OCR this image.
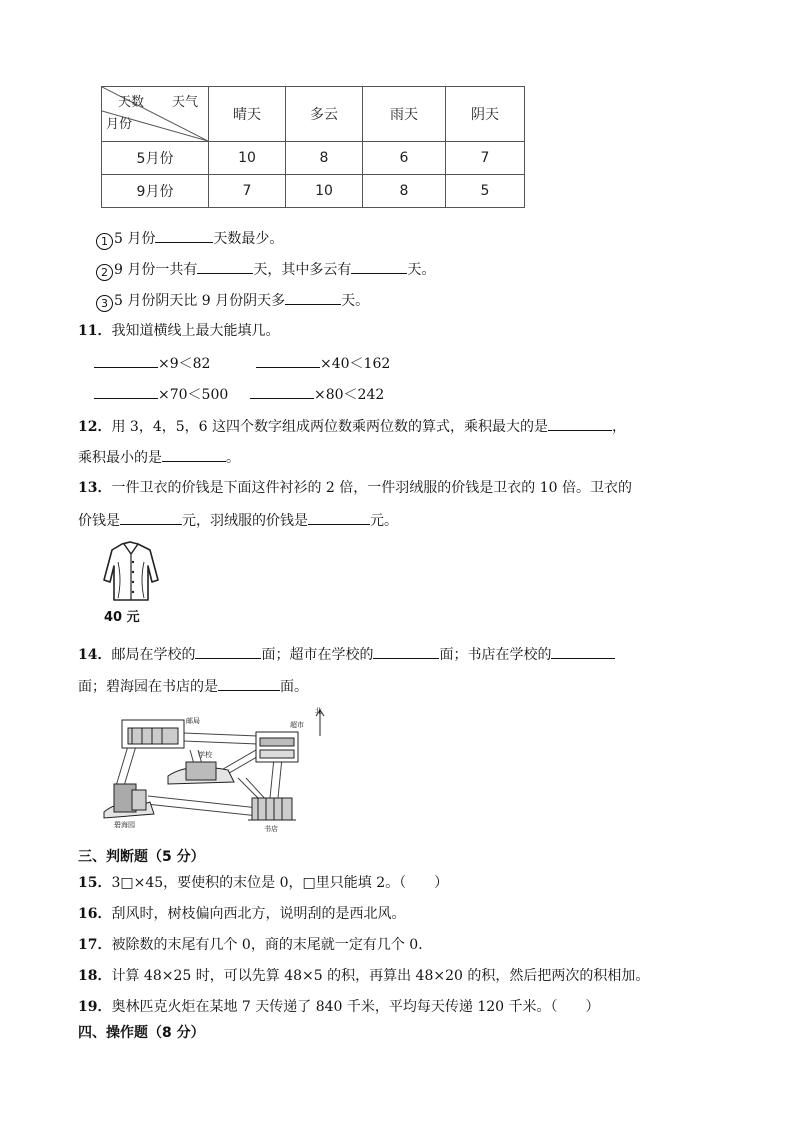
天数 天气
月份	晴天	多云	雨天	阴天
5月份	10	8	6	7
9月份	7	10	8	5
1 5 月份	天数最少。
2 9 月份一共有	天，其中多云有	天。
3 5 月份阴天比 9 月份阴天多	天。
11．我知道横线上最大能填几。
×9＜82	×40＜162
×70＜500	×80＜242
12．用 3，4，5，6 这四个数字组成两位数乘两位数的算式，乘积最大的是	，
乘积最小的是	。
13．一件卫衣的价钱是下面这件衬衫的 2 倍，一件羽绒服的价钱是卫衣的 10 倍。卫衣的
价钱是	元，羽绒服的价钱是	元。
40 元
14．邮局在学校的	面；超市在学校的	面；书店在学校的
面；碧海园在书店的是	面。
邮局	超市
学校
碧海园	书店
北
三、判断题（5 分）
15．3□×45，要使积的末位是 0，□里只能填 2。（　　）
16．刮风时，树枝偏向西北方，说明刮的是西北风。
17．被除数的末尾有几个 0，商的末尾就一定有几个 0．
18．计算 48×25 时，可以先算 48×5 的积，再算出 48×20 的积，然后把两次的积相加。
19．奥林匹克火炬在某地 7 天传递了 840 千米，平均每天传递 120 千米。（　　）
四、操作题（8 分）
